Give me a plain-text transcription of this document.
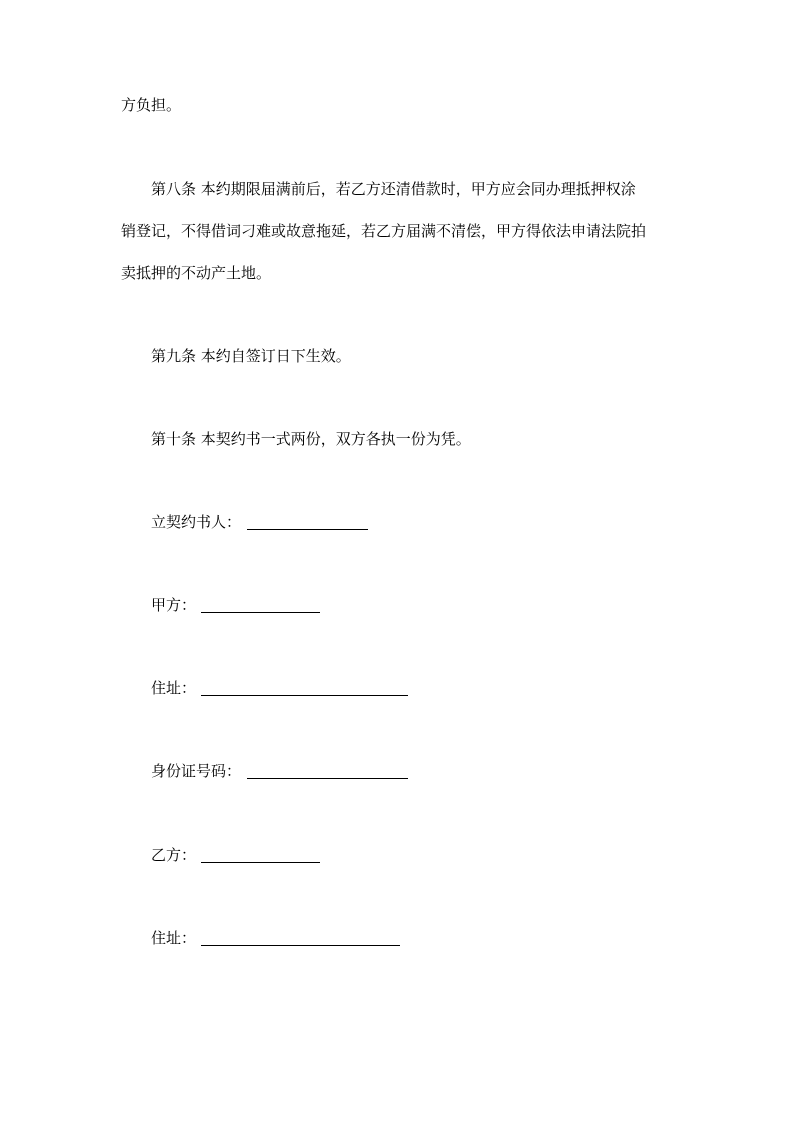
方负担。
第八条 本约期限届满前后，若乙方还清借款时，甲方应会同办理抵押权涂
销登记，不得借词刁难或故意拖延，若乙方届满不清偿，甲方得依法申请法院拍
卖抵押的不动产土地。
第九条 本约自签订日下生效。
第十条 本契约书一式两份，双方各执一份为凭。
立契约书人：
甲方：
住址：
身份证号码：
乙方：
住址：
